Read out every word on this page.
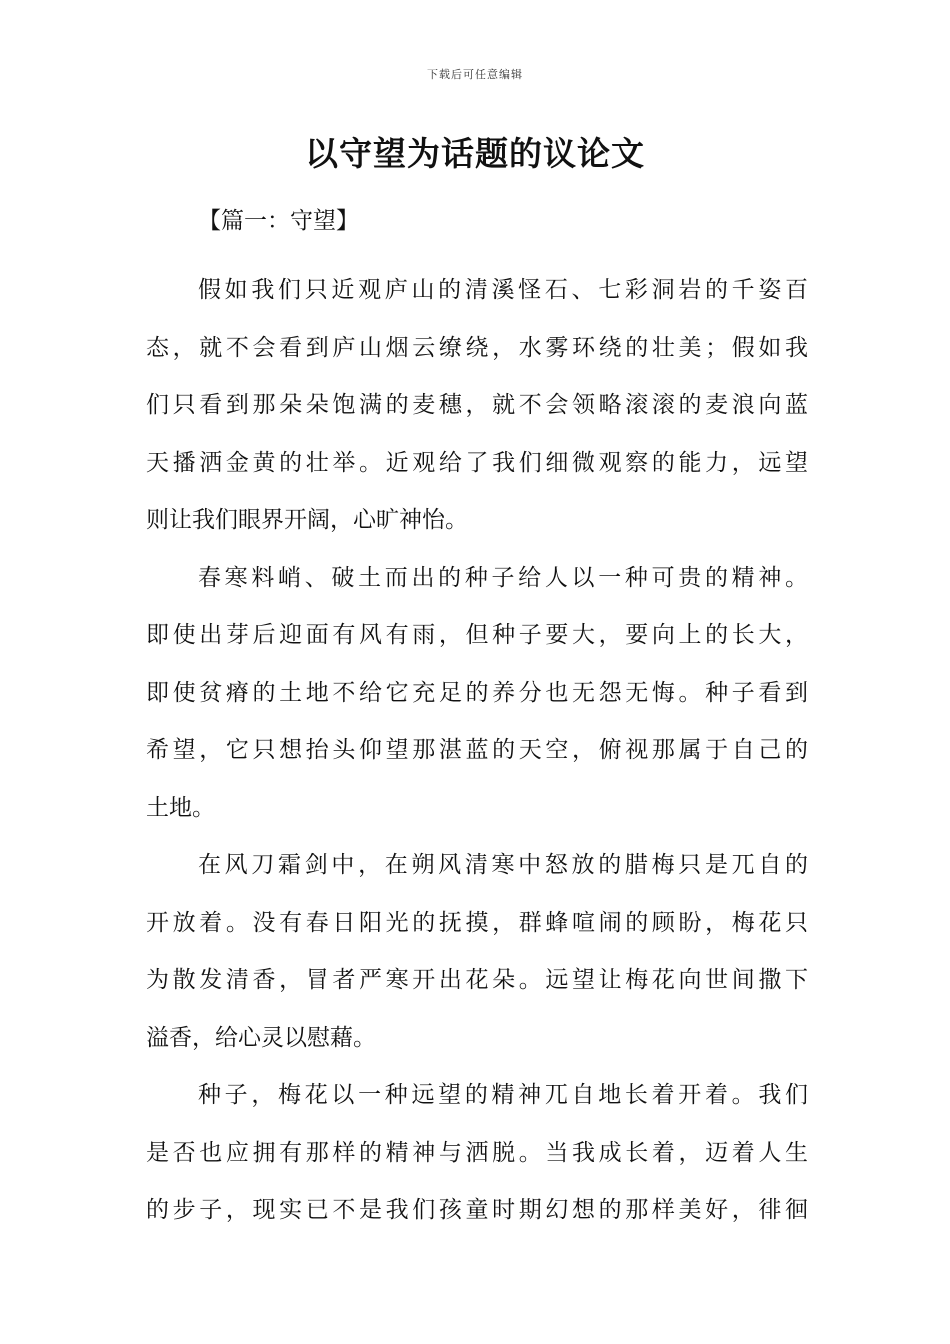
下载后可任意编辑
以守望为话题的议论文
【篇一：守望】

假如我们只近观庐山的清溪怪石、七彩洞岩的千姿百
态，就不会看到庐山烟云缭绕，水雾环绕的壮美；假如我
们只看到那朵朵饱满的麦穗，就不会领略滚滚的麦浪向蓝
天播洒金黄的壮举。近观给了我们细微观察的能力，远望
则让我们眼界开阔，心旷神怡。

春寒料峭、破土而出的种子给人以一种可贵的精神。
即使出芽后迎面有风有雨，但种子要大，要向上的长大，
即使贫瘠的土地不给它充足的养分也无怨无悔。种子看到
希望，它只想抬头仰望那湛蓝的天空，俯视那属于自己的
土地。

在风刀霜剑中，在朔风清寒中怒放的腊梅只是兀自的
开放着。没有春日阳光的抚摸，群蜂喧闹的顾盼，梅花只
为散发清香，冒者严寒开出花朵。远望让梅花向世间撒下
溢香，给心灵以慰藉。

种子，梅花以一种远望的精神兀自地长着开着。我们
是否也应拥有那样的精神与洒脱。当我成长着，迈着人生
的步子，现实已不是我们孩童时期幻想的那样美好，徘徊
